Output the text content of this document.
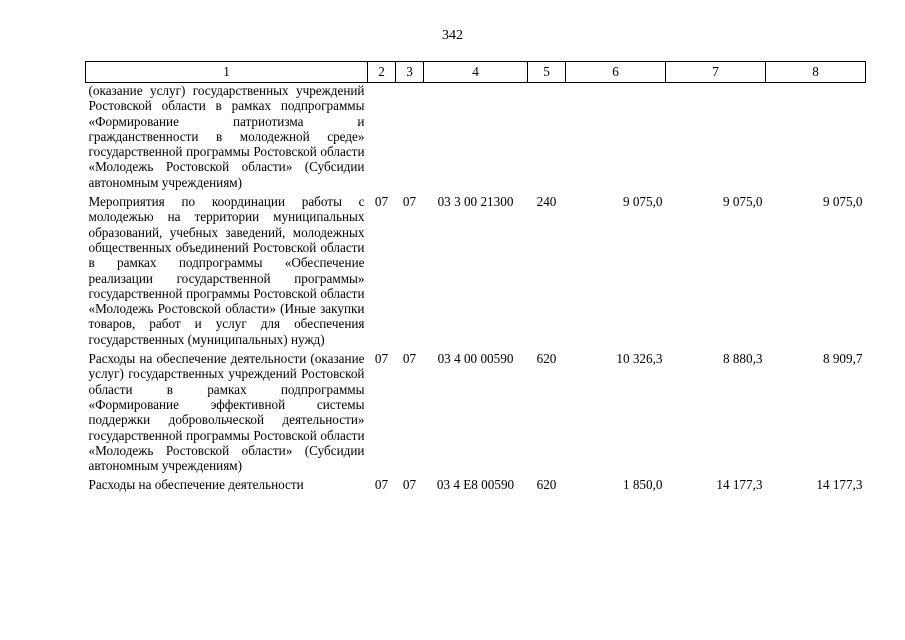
342
1	2	3	4	5	6	7	8
(оказание услуг) государственных учреждений Ростовской области в рамках подпрограммы «Формирование патриотизма и гражданственности в молодежной среде» государственной программы Ростовской области «Молодежь Ростовской области» (Субсидии автономным учреждениям)							
Мероприятия по координации работы с молодежью на территории муниципальных образований, учебных заведений, молодежных общественных объединений Ростовской области в рамках подпрограммы «Обеспечение реализации государственной программы» государственной программы Ростовской области «Молодежь Ростовской области» (Иные закупки товаров, работ и услуг для обеспечения государственных (муниципальных) нужд)	07	07	03 3 00 21300	240	9 075,0	9 075,0	9 075,0
Расходы на обеспечение деятельности (оказание услуг) государственных учреждений Ростовской области в рамках подпрограммы «Формирование эффективной системы поддержки добровольческой деятельности» государственной программы Ростовской области «Молодежь Ростовской области» (Субсидии автономным учреждениям)	07	07	03 4 00 00590	620	10 326,3	8 880,3	8 909,7
Расходы на обеспечение деятельности	07	07	03 4 E8 00590	620	1 850,0	14 177,3	14 177,3
